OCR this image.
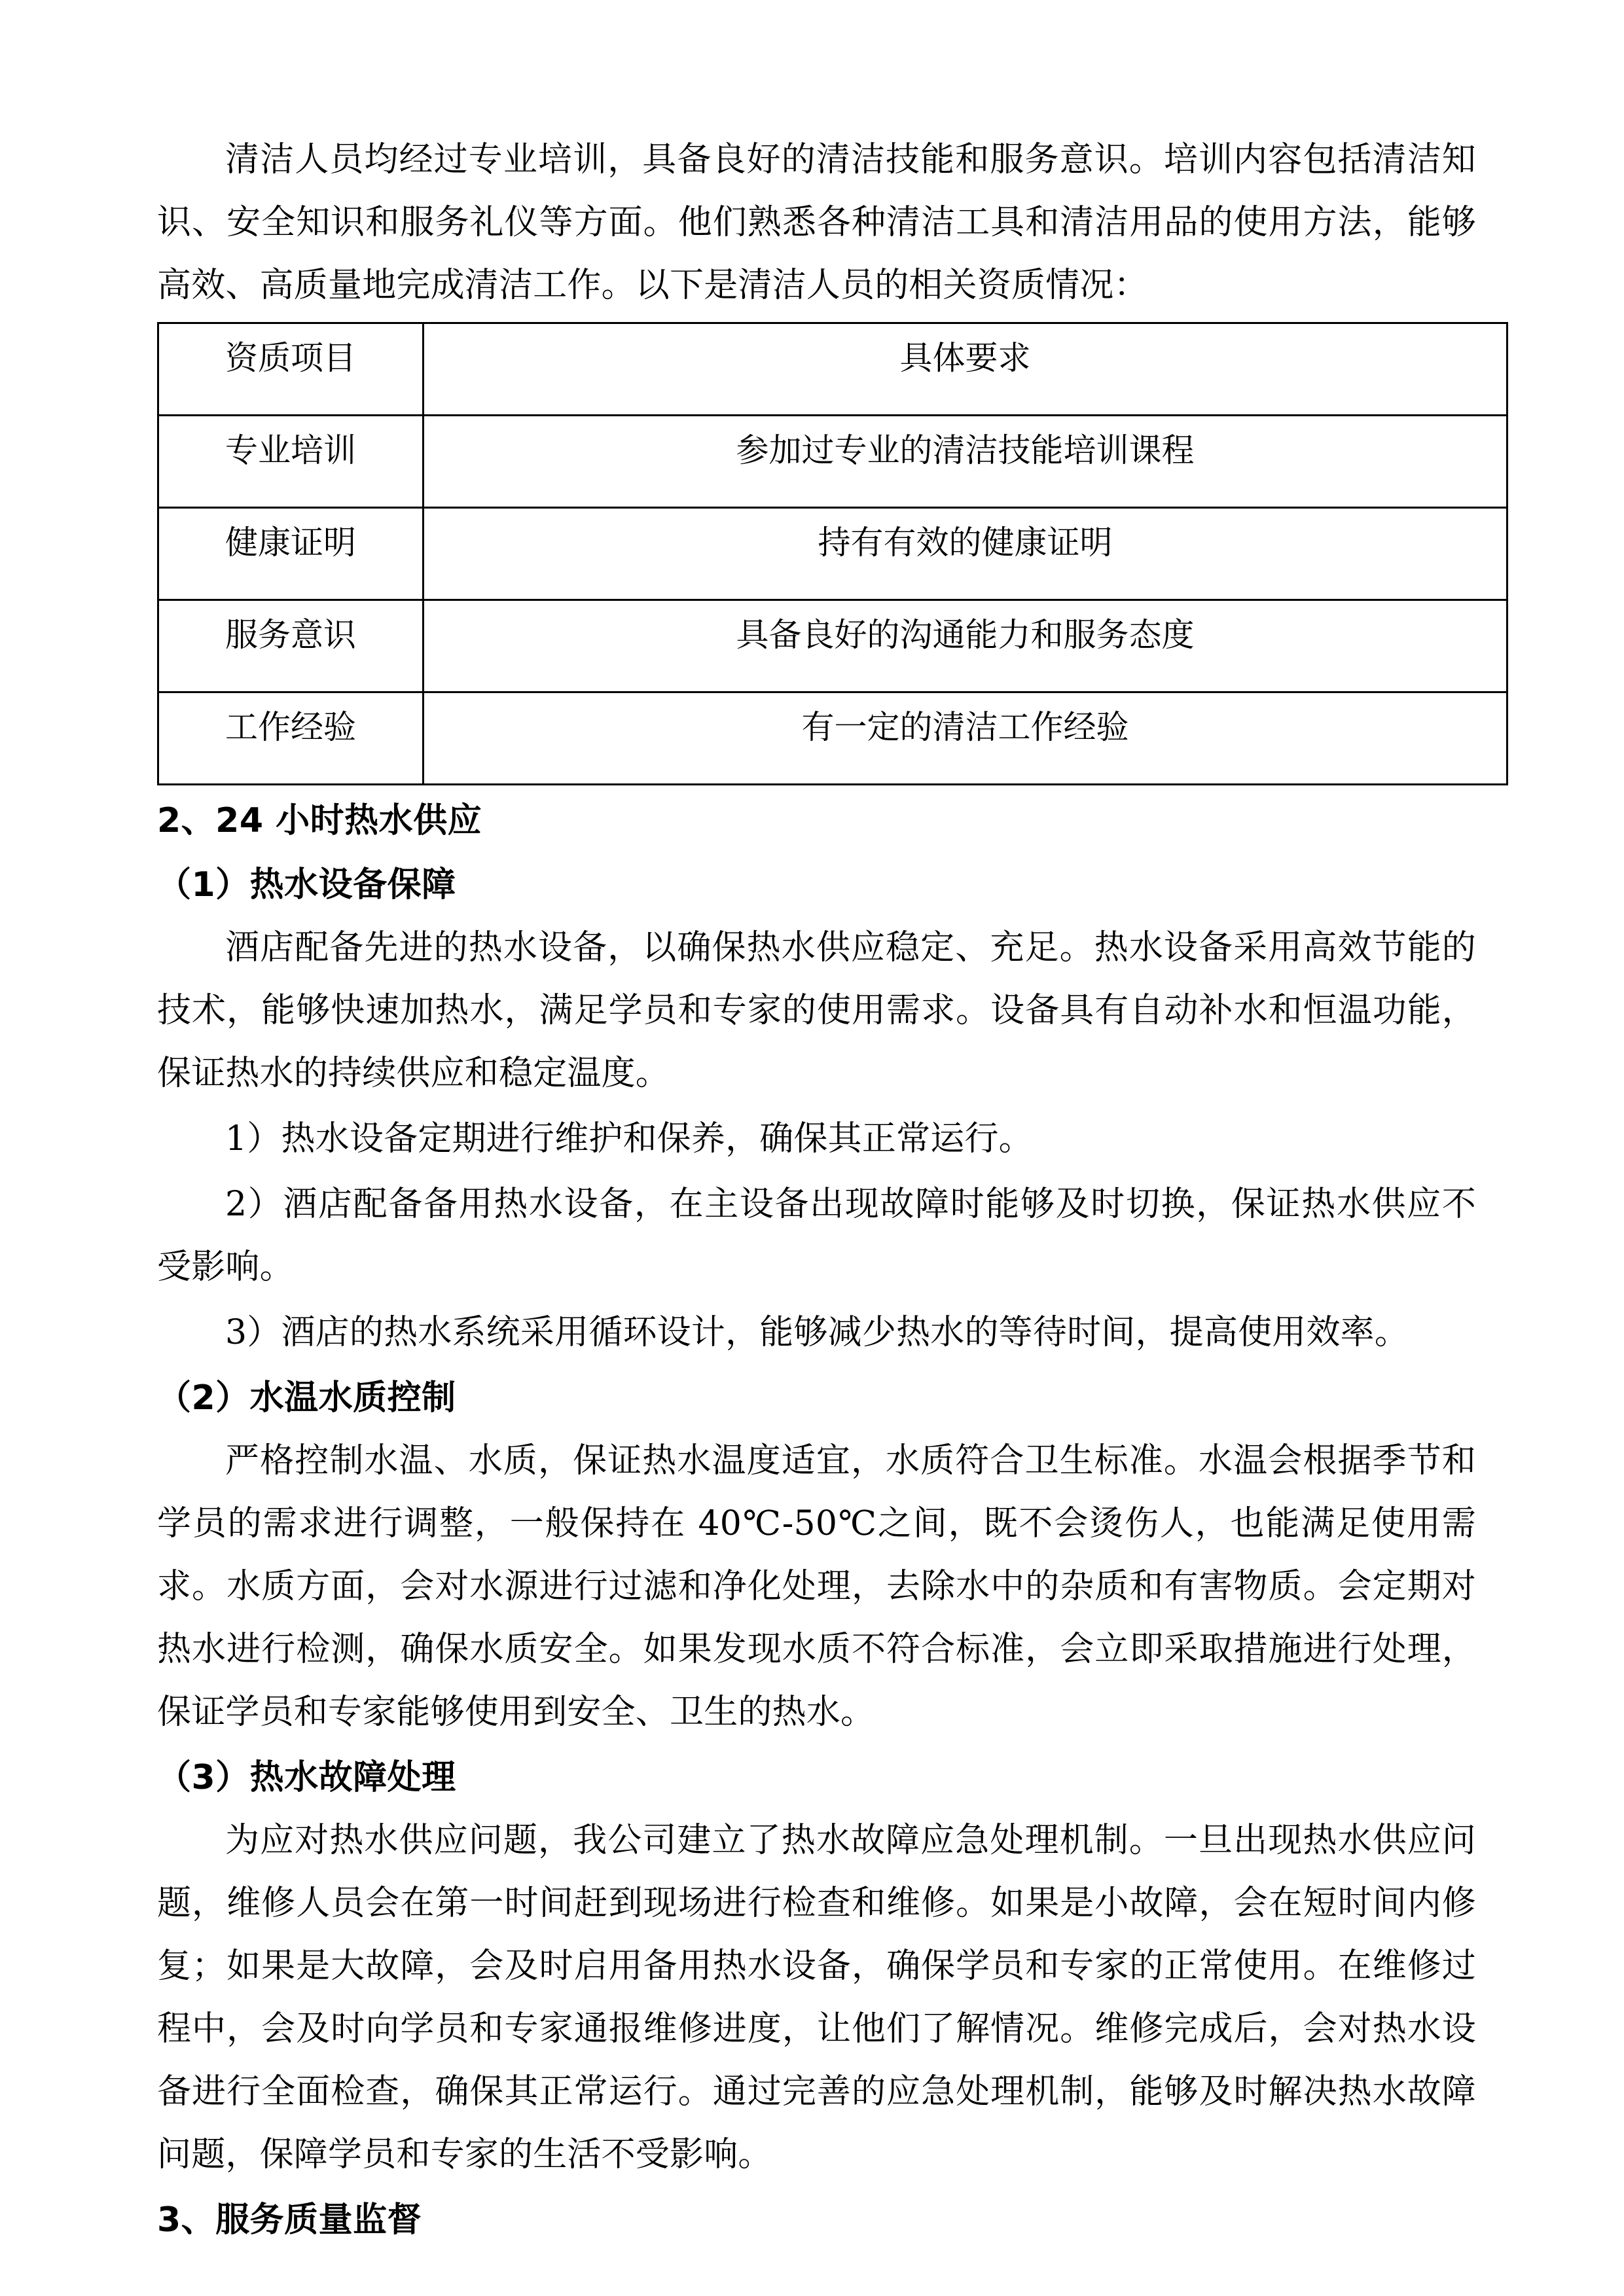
清洁人员均经过专业培训，具备良好的清洁技能和服务意识。培训内容包括清洁知识、安全知识和服务礼仪等方面。他们熟悉各种清洁工具和清洁用品的使用方法，能够高效、高质量地完成清洁工作。以下是清洁人员的相关资质情况：

资质项目	具体要求
专业培训	参加过专业的清洁技能培训课程
健康证明	持有有效的健康证明
服务意识	具备良好的沟通能力和服务态度
工作经验	有一定的清洁工作经验
2、24 小时热水供应
（1）热水设备保障

酒店配备先进的热水设备，以确保热水供应稳定、充足。热水设备采用高效节能的技术，能够快速加热水，满足学员和专家的使用需求。设备具有自动补水和恒温功能，保证热水的持续供应和稳定温度。

1）热水设备定期进行维护和保养，确保其正常运行。

2）酒店配备备用热水设备，在主设备出现故障时能够及时切换，保证热水供应不受影响。

3）酒店的热水系统采用循环设计，能够减少热水的等待时间，提高使用效率。

（2）水温水质控制

严格控制水温、水质，保证热水温度适宜，水质符合卫生标准。水温会根据季节和学员的需求进行调整，一般保持在 40℃-50℃之间，既不会烫伤人，也能满足使用需求。水质方面，会对水源进行过滤和净化处理，去除水中的杂质和有害物质。会定期对热水进行检测，确保水质安全。如果发现水质不符合标准，会立即采取措施进行处理，保证学员和专家能够使用到安全、卫生的热水。

（3）热水故障处理

为应对热水供应问题，我公司建立了热水故障应急处理机制。一旦出现热水供应问题，维修人员会在第一时间赶到现场进行检查和维修。如果是小故障，会在短时间内修复；如果是大故障，会及时启用备用热水设备，确保学员和专家的正常使用。在维修过程中，会及时向学员和专家通报维修进度，让他们了解情况。维修完成后，会对热水设备进行全面检查，确保其正常运行。通过完善的应急处理机制，能够及时解决热水故障问题，保障学员和专家的生活不受影响。

3、服务质量监督
